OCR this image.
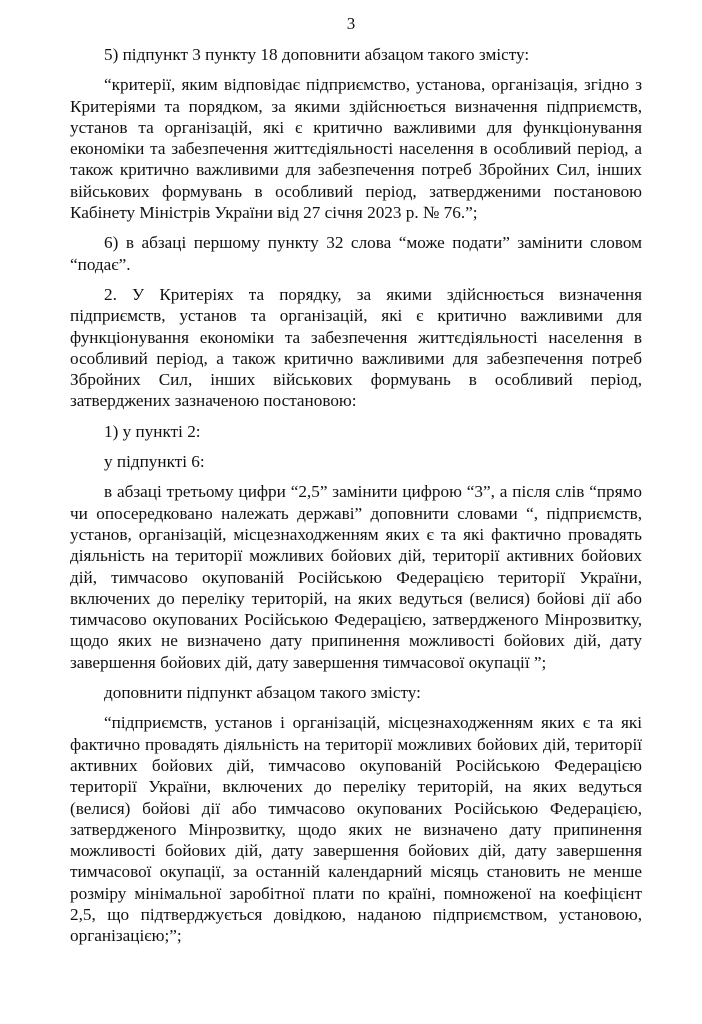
3

5) підпункт 3 пункту 18 доповнити абзацом такого змісту:

“критерії, яким відповідає підприємство, установа, організація, згідно з Критеріями та порядком, за якими здійснюється визначення підприємств, установ та організацій, які є критично важливими для функціонування економіки та забезпечення життєдіяльності населення в особливий період, а також критично важливими для забезпечення потреб Збройних Сил, інших військових формувань в особливий період, затвердженими постановою Кабінету Міністрів України від 27 січня 2023 р. № 76.”;

6) в абзаці першому пункту 32 слова “може подати” замінити словом “подає”.

2. У Критеріях та порядку, за якими здійснюється визначення підприємств, установ та організацій, які є критично важливими для функціонування економіки та забезпечення життєдіяльності населення в особливий період, а також критично важливими для забезпечення потреб Збройних Сил, інших військових формувань в особливий період, затверджених зазначеною постановою:

1) у пункті 2:

у підпункті 6:

в абзаці третьому цифри “2,5” замінити цифрою “3”, а після слів “прямо чи опосередковано належать державі” доповнити словами “, підприємств, установ, організацій, місцезнаходженням яких є та які фактично провадять діяльність на території можливих бойових дій, території активних бойових дій, тимчасово окупованій Російською Федерацією території України, включених до переліку територій, на яких ведуться (велися) бойові дії або тимчасово окупованих Російською Федерацією, затвердженого Мінрозвитку, щодо яких не визначено дату припинення можливості бойових дій, дату завершення бойових дій, дату завершення тимчасової окупації ”;

доповнити підпункт абзацом такого змісту:

“підприємств, установ і організацій, місцезнаходженням яких є та які фактично провадять діяльність на території можливих бойових дій, території активних бойових дій, тимчасово окупованій Російською Федерацією території України, включених до переліку територій, на яких ведуться (велися) бойові дії або тимчасово окупованих Російською Федерацією, затвердженого Мінрозвитку, щодо яких не визначено дату припинення можливості бойових дій, дату завершення бойових дій, дату завершення тимчасової окупації, за останній календарний місяць становить не менше розміру мінімальної заробітної плати по країні, помноженої на коефіцієнт 2,5, що підтверджується довідкою, наданою підприємством, установою, організацією;”;
